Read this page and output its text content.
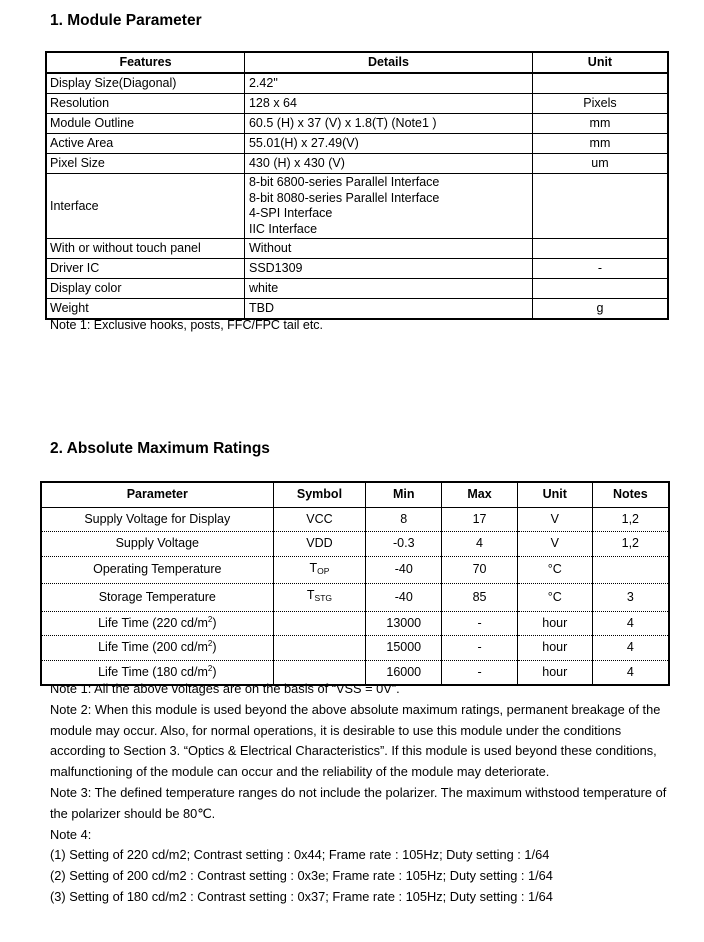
1. Module Parameter
Features	Details	Unit
Display Size(Diagonal)	2.42"	

Resolution	128 x 64	Pixels
Module Outline	60.5 (H) x 37 (V) x 1.8(T) (Note1 )	mm
Active Area	55.01(H) x 27.49(V)	mm
Pixel Size	430 (H) x 430 (V)	um
Interface	8-bit 6800-series Parallel Interface
8-bit 8080-series Parallel Interface
4-SPI Interface
IIC Interface	

With or without touch panel	Without	

Driver IC	SSD1309	-
Display color	white	

Weight	TBD	g
Note 1: Exclusive hooks, posts, FFC/FPC tail etc.
2. Absolute Maximum Ratings
Parameter	Symbol	Min	Max	Unit	Notes
Supply Voltage for Display	VCC	8	17	V	1,2
Supply Voltage	VDD	-0.3	4	V	1,2
Operating Temperature	$T_{OP}$	-40	70	°C	
Storage Temperature	$T_{STG}$	-40	85	°C	3
Life Time (220 $cd/m^2$)		13000	-	hour	4
Life Time (200 $cd/m^2$)		15000	-	hour	4
Life Time (180 $cd/m^2$)		16000	-	hour	4

Note 1: All the above voltages are on the basis of “VSS = 0V”.

Note 2: When this module is used beyond the above absolute maximum ratings, permanent breakage of the module may occur. Also, for normal operations, it is desirable to use this module under the conditions according to Section 3. “Optics & Electrical Characteristics”. If this module is used beyond these conditions, malfunctioning of the module can occur and the reliability of the module may deteriorate.

Note 3: The defined temperature ranges do not include the polarizer. The maximum withstood temperature of the polarizer should be 80℃.

Note 4:

(1) Setting of 220 cd/m2; Contrast setting : 0x44; Frame rate : 105Hz; Duty setting : 1/64

(2) Setting of 200 cd/m2 : Contrast setting : 0x3e; Frame rate : 105Hz; Duty setting : 1/64

(3) Setting of 180 cd/m2 : Contrast setting : 0x37; Frame rate : 105Hz; Duty setting : 1/64
